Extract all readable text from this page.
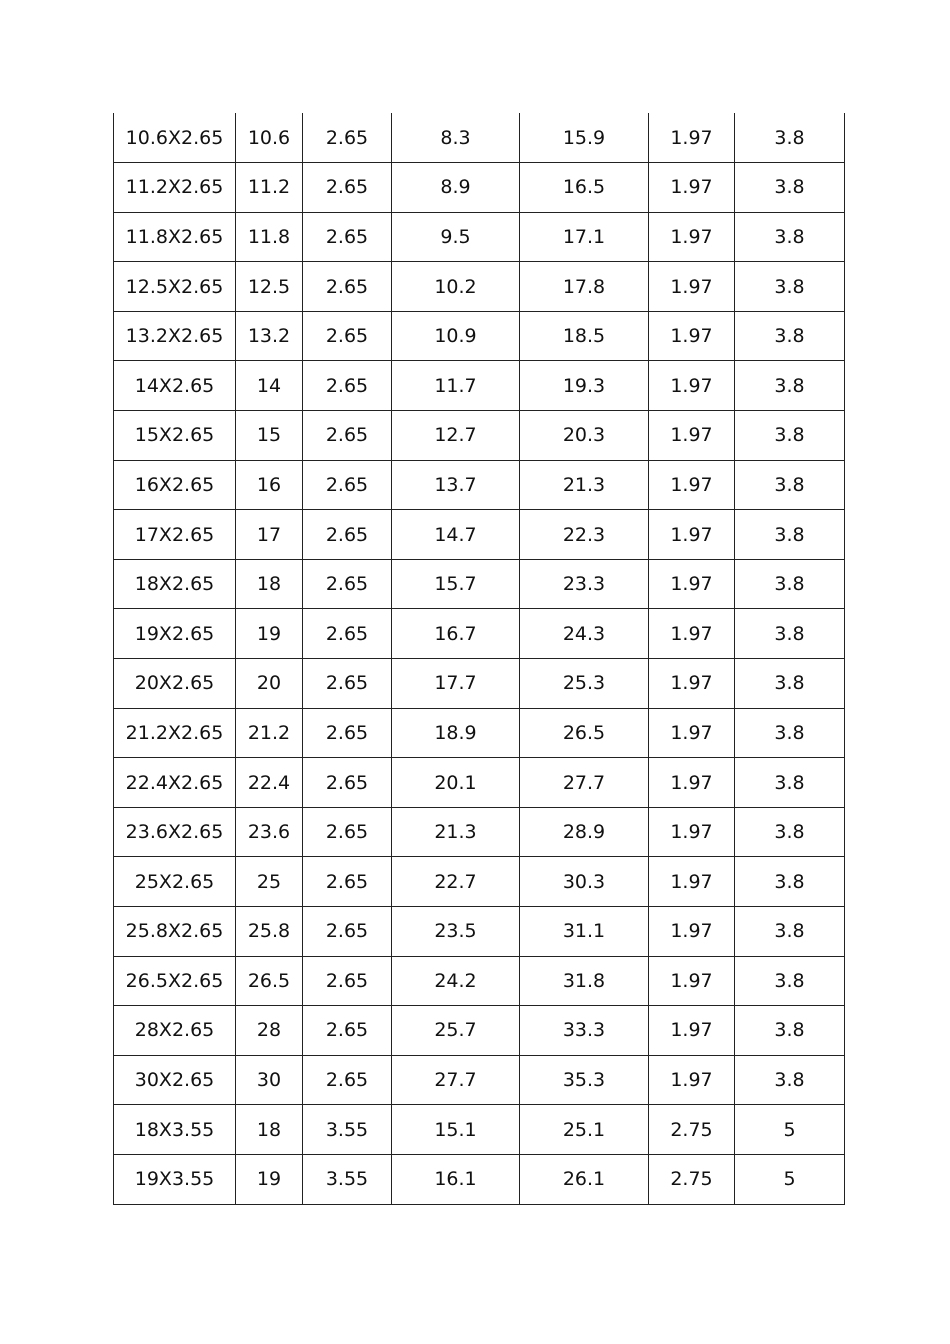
10.6X2.65	10.6	2.65	8.3	15.9	1.97	3.8
11.2X2.65	11.2	2.65	8.9	16.5	1.97	3.8
11.8X2.65	11.8	2.65	9.5	17.1	1.97	3.8
12.5X2.65	12.5	2.65	10.2	17.8	1.97	3.8
13.2X2.65	13.2	2.65	10.9	18.5	1.97	3.8
14X2.65	14	2.65	11.7	19.3	1.97	3.8
15X2.65	15	2.65	12.7	20.3	1.97	3.8
16X2.65	16	2.65	13.7	21.3	1.97	3.8
17X2.65	17	2.65	14.7	22.3	1.97	3.8
18X2.65	18	2.65	15.7	23.3	1.97	3.8
19X2.65	19	2.65	16.7	24.3	1.97	3.8
20X2.65	20	2.65	17.7	25.3	1.97	3.8
21.2X2.65	21.2	2.65	18.9	26.5	1.97	3.8
22.4X2.65	22.4	2.65	20.1	27.7	1.97	3.8
23.6X2.65	23.6	2.65	21.3	28.9	1.97	3.8
25X2.65	25	2.65	22.7	30.3	1.97	3.8
25.8X2.65	25.8	2.65	23.5	31.1	1.97	3.8
26.5X2.65	26.5	2.65	24.2	31.8	1.97	3.8
28X2.65	28	2.65	25.7	33.3	1.97	3.8
30X2.65	30	2.65	27.7	35.3	1.97	3.8
18X3.55	18	3.55	15.1	25.1	2.75	5
19X3.55	19	3.55	16.1	26.1	2.75	5
